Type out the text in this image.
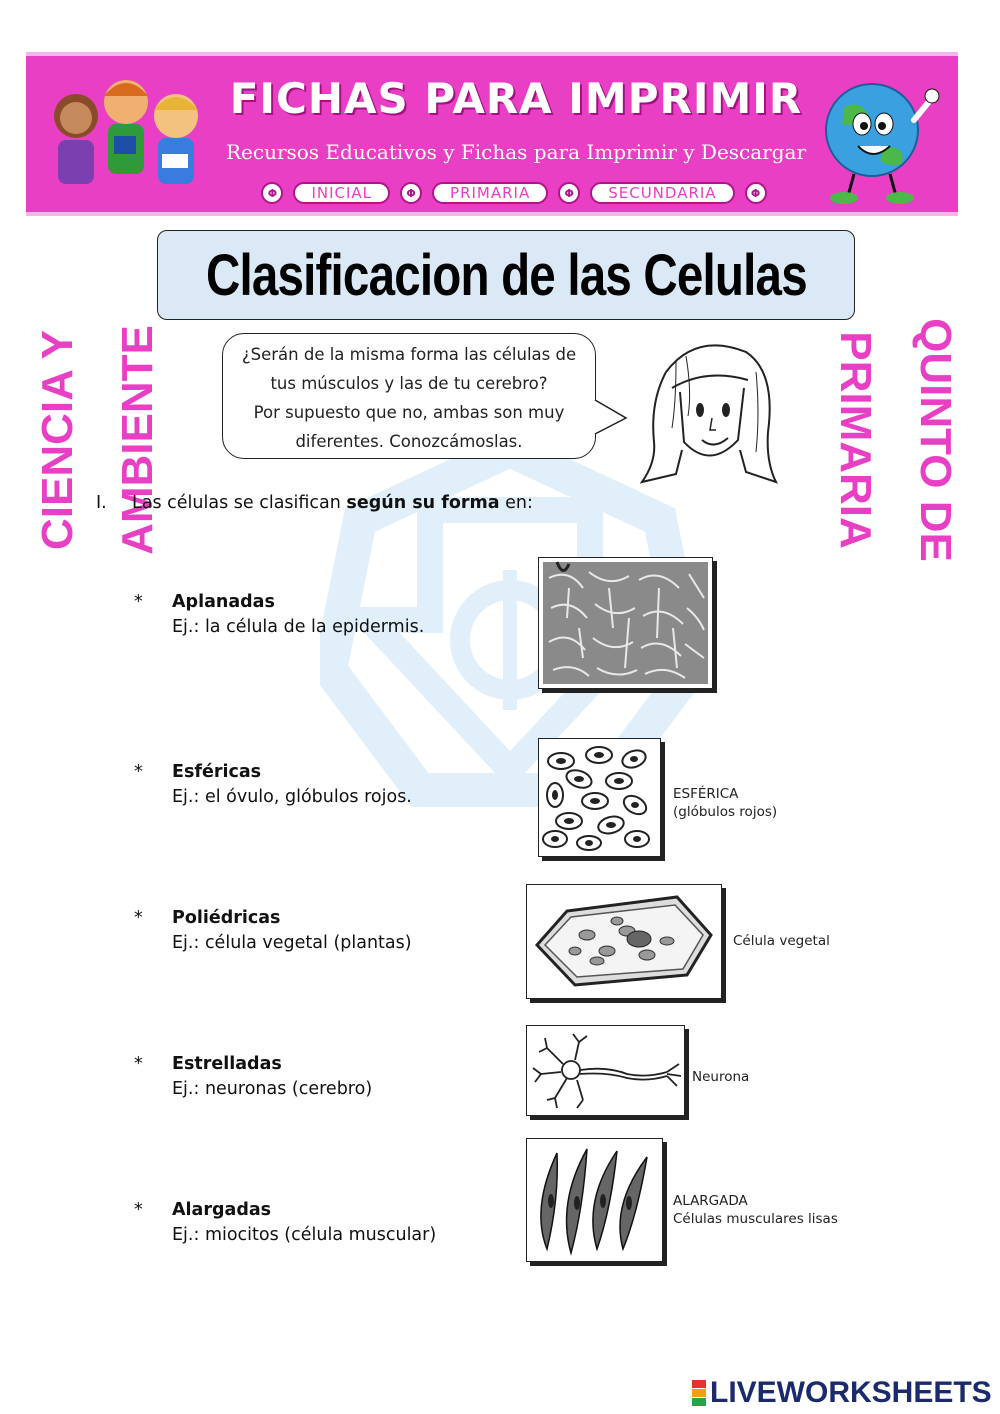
FICHAS PARA IMPRIMIR
Recursos Educativos y Fichas para Imprimir y Descargar
Φ	INICIAL	Φ	PRIMARIA	Φ	SECUNDARIA	Φ
CIENCIA Y AMBIENTE	QUINTO DE PRIMARIA
Clasificacion de las Celulas
¿Serán de la misma forma las células de
tus músculos y las de tu cerebro?
Por supuesto que no, ambas son muy
diferentes. Conozcámoslas.
I. Las células se clasifican según su forma en:
* Aplanadas
Ej.: la célula de la epidermis.
* Esféricas
Ej.: el óvulo, glóbulos rojos.	ESFÉRICA
(glóbulos rojos)
* Poliédricas
Ej.: célula vegetal (plantas)	Célula vegetal
* Estrelladas
Ej.: neuronas (cerebro)
Neurona
* Alargadas
Ej.: miocitos (célula muscular)
ALARGADA
Células musculares lisas
LIVEWORKSHEETS
